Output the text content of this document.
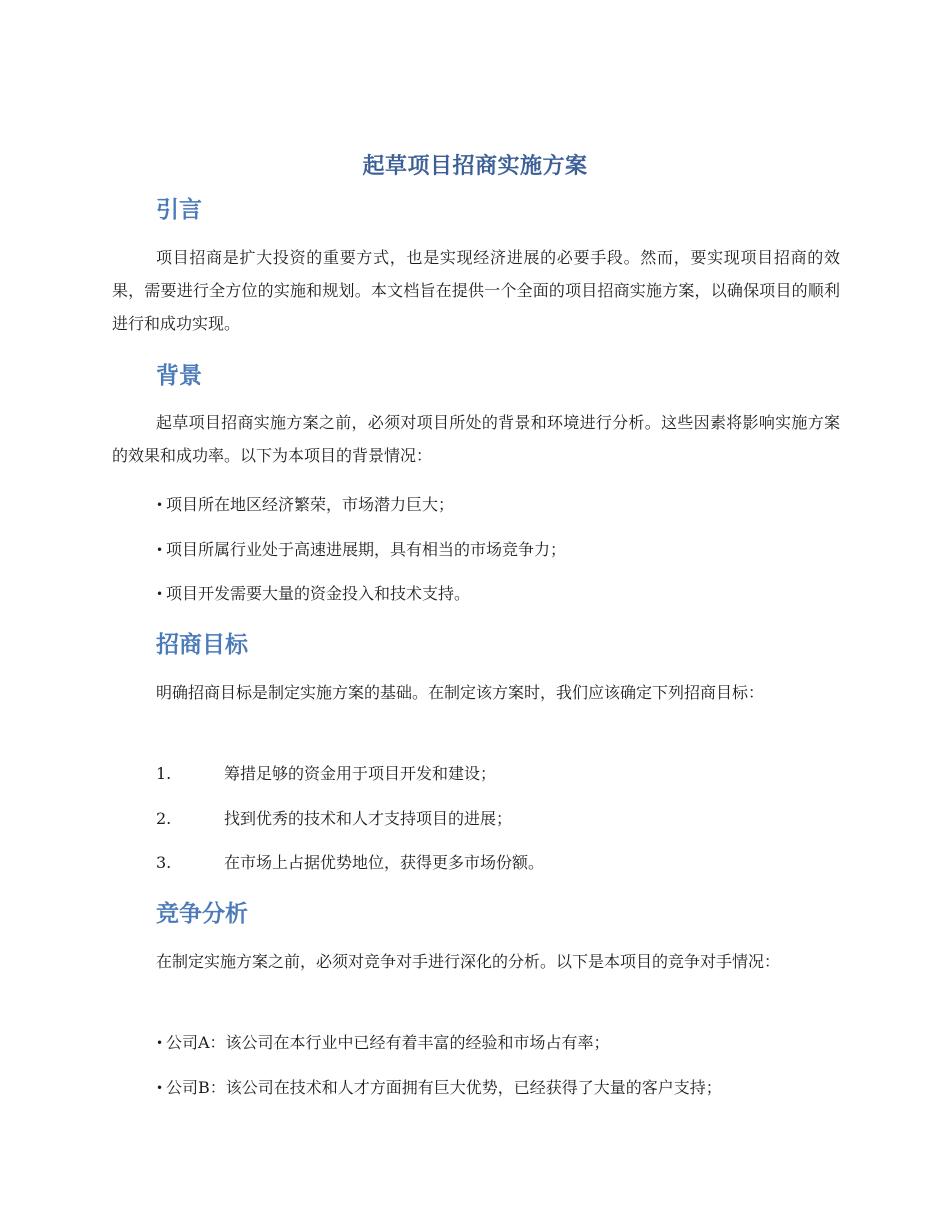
起草项目招商实施方案
引言
项目招商是扩大投资的重要方式，也是实现经济进展的必要手段。然而，要实现项目招商的效果，需要进行全方位的实施和规划。本文档旨在提供一个全面的项目招商实施方案，以确保项目的顺利进行和成功实现。
背景
起草项目招商实施方案之前，必须对项目所处的背景和环境进行分析。这些因素将影响实施方案的效果和成功率。以下为本项目的背景情况：
• 项目所在地区经济繁荣，市场潜力巨大；
• 项目所属行业处于高速进展期，具有相当的市场竞争力；
• 项目开发需要大量的资金投入和技术支持。
招商目标
明确招商目标是制定实施方案的基础。在制定该方案时，我们应该确定下列招商目标：
1.	筹措足够的资金用于项目开发和建设；
2.	找到优秀的技术和人才支持项目的进展；
3.	在市场上占据优势地位，获得更多市场份额。
竞争分析
在制定实施方案之前，必须对竞争对手进行深化的分析。以下是本项目的竞争对手情况：
• 公司A：该公司在本行业中已经有着丰富的经验和市场占有率；
• 公司B：该公司在技术和人才方面拥有巨大优势，已经获得了大量的客户支持；
